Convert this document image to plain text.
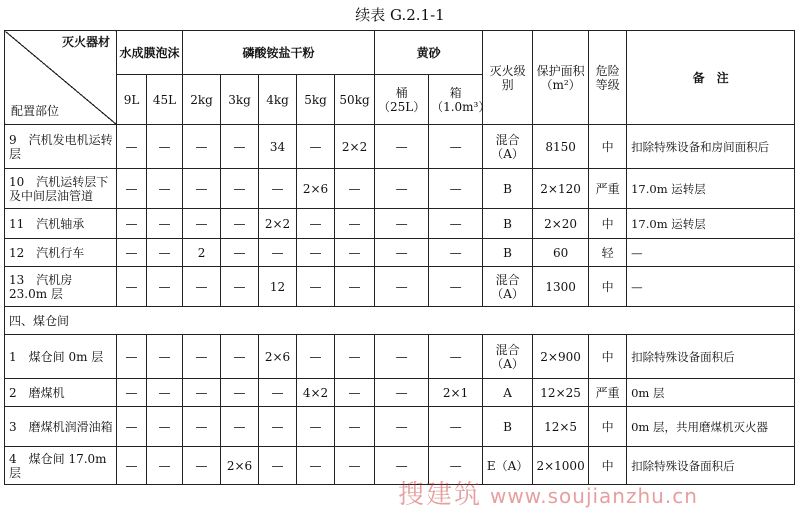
续表 G.2.1-1
灭火器材
配置部位	水成膜泡沫		磷酸铵盐干粉					黄砂		灭火级别	保护面积（m²）	危险等级	备　注
	9L	45L	2kg	3kg	4kg	5kg	50kg	桶（25L）	箱（1.0m³）				
9　汽机发电机运转层	—	—	—	—	34	—	2×2	—	—	混合（A）	8150	中	扣除特殊设备和房间面积后
10　汽机运转层下及中间层油管道	—	—	—	—	—	2×6	—	—	—	B	2×120	严重	17.0m 运转层
11　汽机轴承	—	—	—	—	2×2	—	—	—	—	B	2×20	中	17.0m 运转层
12　汽机行车	—	—	2	—	—	—	—	—	—	B	60	轻	—
13　汽机房 23.0m 层	—	—	—	—	12	—	—	—	—	混合（A）	1300	中	—
四、煤仓间													
1　煤仓间 0m 层	—	—	—	—	2×6	—	—	—	—	混合（A）	2×900	中	扣除特殊设备面积后
2　磨煤机	—	—	—	—	—	4×2	—	—	2×1	A	12×25	严重	0m 层
3　磨煤机润滑油箱	—	—	—	—	—	—	—	—	—	B	12×5	中	0m 层，共用磨煤机灭火器
4　煤仓间 17.0m 层	—	—	—	2×6	—	—	—	—	—	E（A）	2×1000	中	扣除特殊设备面积后
搜建筑 www.soujianzhu.cn
